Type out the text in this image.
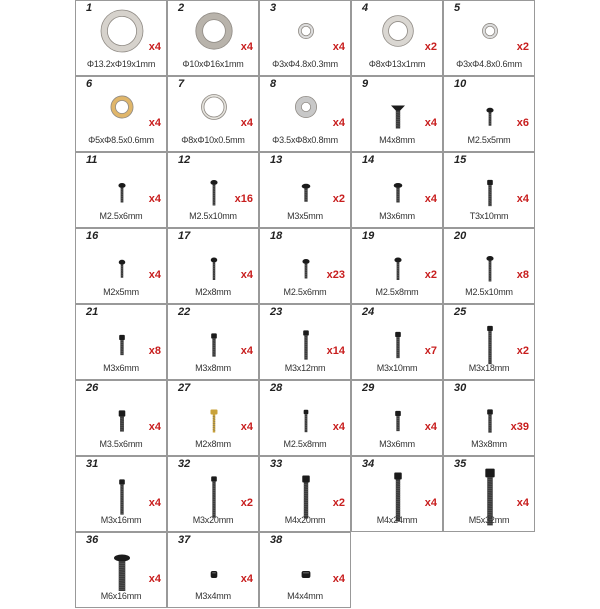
1
x4
Φ13.2xΦ19x1mm
2
x4
Φ10xΦ16x1mm
3
x4
Φ3xΦ4.8x0.3mm
4
x2
Φ8xΦ13x1mm
5
x2
Φ3xΦ4.8x0.6mm
6
x4
Φ5xΦ8.5x0.6mm
7
x4
Φ8xΦ10x0.5mm
8
x4
Φ3.5xΦ8x0.8mm
9
x4
M4x8mm
10
x6
M2.5x5mm
11
x4
M2.5x6mm
12
x16
M2.5x10mm
13
x2
M3x5mm
14
x4
M3x6mm
15
x4
T3x10mm
16
x4
M2x5mm
17
x4
M2x8mm
18
x23
M2.5x6mm
19
x2
M2.5x8mm
20
x8
M2.5x10mm
21
x8
M3x6mm
22
x4
M3x8mm
23
x14
M3x12mm
24
x7
M3x10mm
25
x2
M3x18mm
26
x4
M3.5x6mm
27
x4
M2x8mm
28
x4
M2.5x8mm
29
x4
M3x6mm
30
x39
M3x8mm
31
x4
M3x16mm
32
x2
M3x20mm
33
x2
M4x20mm
34
x4
M4x24mm
35
x4
M5x32mm
36
x4
M6x16mm
37
x4
M3x4mm
38
x4
M4x4mm
